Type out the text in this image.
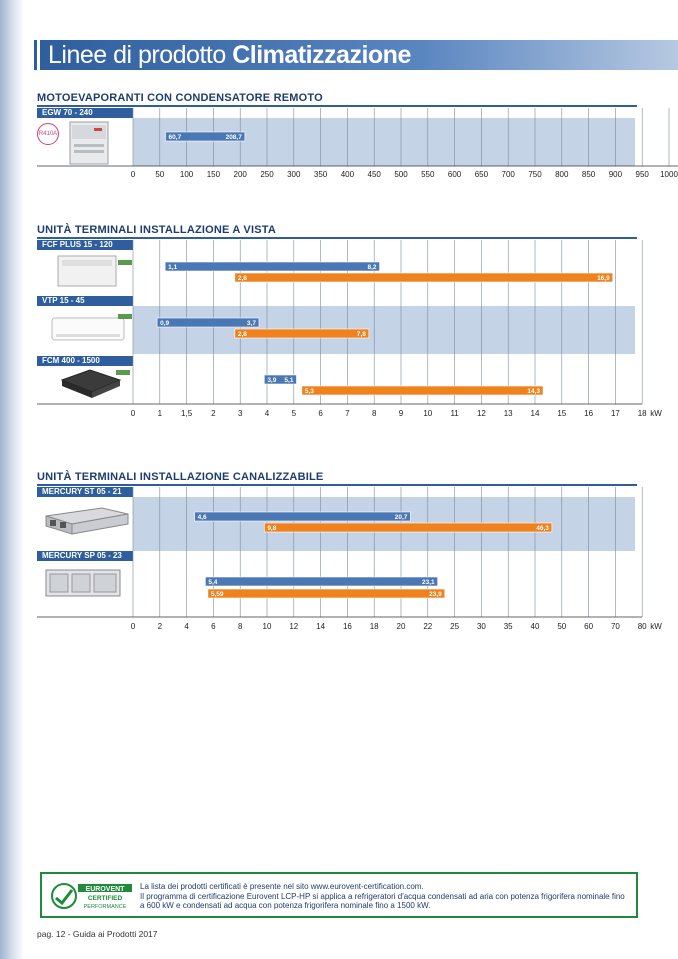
Linee di prodotto Climatizzazione
MOTOEVAPORANTI CON CONDENSATORE REMOTO
EGW 70 - 240
R410A
0	50 100 150 200 250 300 350 400 450 500 550 600 650 700 750 800 850 900 950 1000
60,7	208,7
UNITÀ TERMINALI INSTALLAZIONE A VISTA
FCF PLUS 15 - 120
VTP 15 - 45
FCM 400 - 1500
0	1 1,5 2	3	4	5	6	7	8	9	10 11 12 13 14 15 16 17 18 kW
1,1	8,2
2,8	16,9
0,9	3,7
2,8	7,8
3,9 5,1
5,3	14,3
UNITÀ TERMINALI INSTALLAZIONE CANALIZZABILE
MERCURY ST 05 - 21
MERCURY SP 05 - 23
0	2	4	6	8	10 12 14 16 18 20 22 25 30 35 40 50 60 70 80 kW
4,6	20,7
9,8	46,3
5,4	23,1
5,59	23,9
EUROVENT
CERTIFIED
PERFORMANCE
La lista dei prodotti certificati è presente nel sito www.eurovent-certification.com.
Il programma di certificazione Eurovent LCP-HP si applica a refrigeratori d'acqua condensati ad aria con potenza frigorifera nominale fino a 600 kW e condensati ad acqua con potenza frigorifera nominale fino a 1500 kW.
pag. 12 - Guida ai Prodotti 2017
